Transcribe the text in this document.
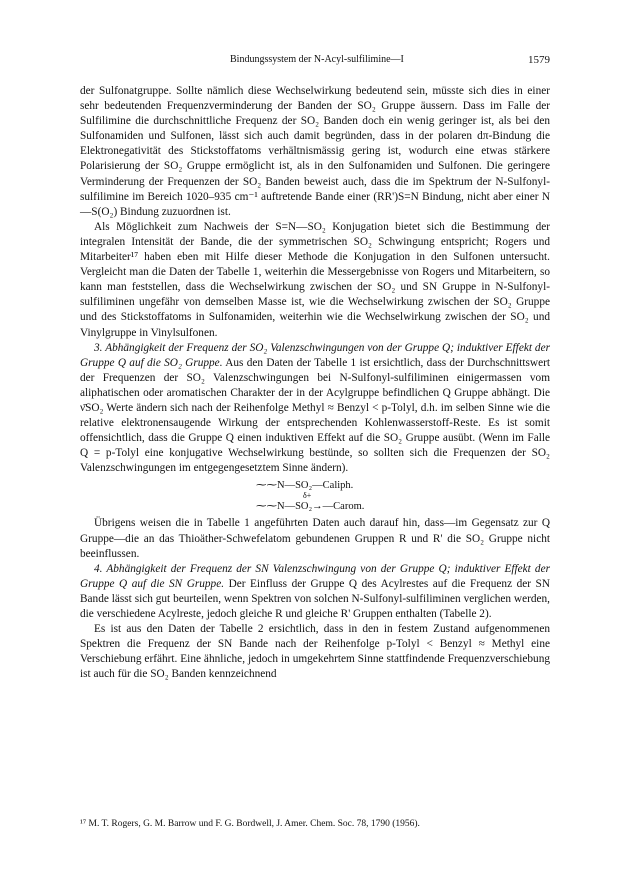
Bindungssystem der N-Acyl-sulfilimine—I	1579

der Sulfonatgruppe. Sollte nämlich diese Wechselwirkung bedeutend sein, müsste sich dies in einer sehr bedeutenden Frequenzverminderung der Banden der SO₂ Gruppe äussern. Dass im Falle der Sulfilimine die durchschnittliche Frequenz der SO₂ Banden doch ein wenig geringer ist, als bei den Sulfonamiden und Sulfonen, lässt sich auch damit begründen, dass in der polaren dπ-Bindung die Elektronegativität des Stickstoffatoms verhältnismässig gering ist, wodurch eine etwas stärkere Polarisierung der SO₂ Gruppe ermöglicht ist, als in den Sulfonamiden und Sulfonen. Die geringere Verminderung der Frequenzen der SO₂ Banden beweist auch, dass die im Spektrum der N-Sulfonyl-sulfilimine im Bereich 1020–935 cm⁻¹ auftretende Bande einer (RR')S=N Bindung, nicht aber einer N—S(O₂) Bindung zuzuordnen ist.

Als Möglichkeit zum Nachweis der S=N—SO₂ Konjugation bietet sich die Bestimmung der integralen Intensität der Bande, die der symmetrischen SO₂ Schwingung entspricht; Rogers und Mitarbeiter¹⁷ haben eben mit Hilfe dieser Methode die Konjugation in den Sulfonen untersucht. Vergleicht man die Daten der Tabelle 1, weiterhin die Messergebnisse von Rogers und Mitarbeitern, so kann man feststellen, dass die Wechselwirkung zwischen der SO₂ und SN Gruppe in N-Sulfonyl-sulfiliminen ungefähr von demselben Masse ist, wie die Wechselwirkung zwischen der SO₂ Gruppe und des Stickstoffatoms in Sulfonamiden, weiterhin wie die Wechselwirkung zwischen der SO₂ und Vinylgruppe in Vinylsulfonen.

3. Abhängigkeit der Frequenz der SO₂ Valenzschwingungen von der Gruppe Q; induktiver Effekt der Gruppe Q auf die SO₂ Gruppe. Aus den Daten der Tabelle 1 ist ersichtlich, dass der Durchschnittswert der Frequenzen der SO₂ Valenzschwingungen bei N-Sulfonyl-sulfiliminen einigermassen vom aliphatischen oder aromatischen Charakter der in der Acylgruppe befindlichen Q Gruppe abhängt. Die ν̄SO₂ Werte ändern sich nach der Reihenfolge Methyl ≈ Benzyl < p-Tolyl, d.h. im selben Sinne wie die relative elektronensaugende Wirkung der entsprechenden Kohlenwasserstoff-Reste. Es ist somit offensichtlich, dass die Gruppe Q einen induktiven Effekt auf die SO₂ Gruppe ausübt. (Wenn im Falle Q = p-Tolyl eine konjugative Wechselwirkung bestünde, so sollten sich die Frequenzen der SO₂ Valenzschwingungen im entgegengesetztem Sinne ändern).

⁓⁓N—SO₂—Caliph.
δ+
⁓⁓N—SO₂→—Carom.

Übrigens weisen die in Tabelle 1 angeführten Daten auch darauf hin, dass—im Gegensatz zur Q Gruppe—die an das Thioäther-Schwefelatom gebundenen Gruppen R und R' die SO₂ Gruppe nicht beeinflussen.

4. Abhängigkeit der Frequenz der SN Valenzschwingung von der Gruppe Q; induktiver Effekt der Gruppe Q auf die SN Gruppe. Der Einfluss der Gruppe Q des Acylrestes auf die Frequenz der SN Bande lässt sich gut beurteilen, wenn Spektren von solchen N-Sulfonyl-sulfiliminen verglichen werden, die verschiedene Acylreste, jedoch gleiche R und gleiche R' Gruppen enthalten (Tabelle 2).

Es ist aus den Daten der Tabelle 2 ersichtlich, dass in den in festem Zustand aufgenommenen Spektren die Frequenz der SN Bande nach der Reihenfolge p-Tolyl < Benzyl ≈ Methyl eine Verschiebung erfährt. Eine ähnliche, jedoch in umgekehrtem Sinne stattfindende Frequenzverschiebung ist auch für die SO₂ Banden kennzeichnend

¹⁷ M. T. Rogers, G. M. Barrow und F. G. Bordwell, J. Amer. Chem. Soc. 78, 1790 (1956).
